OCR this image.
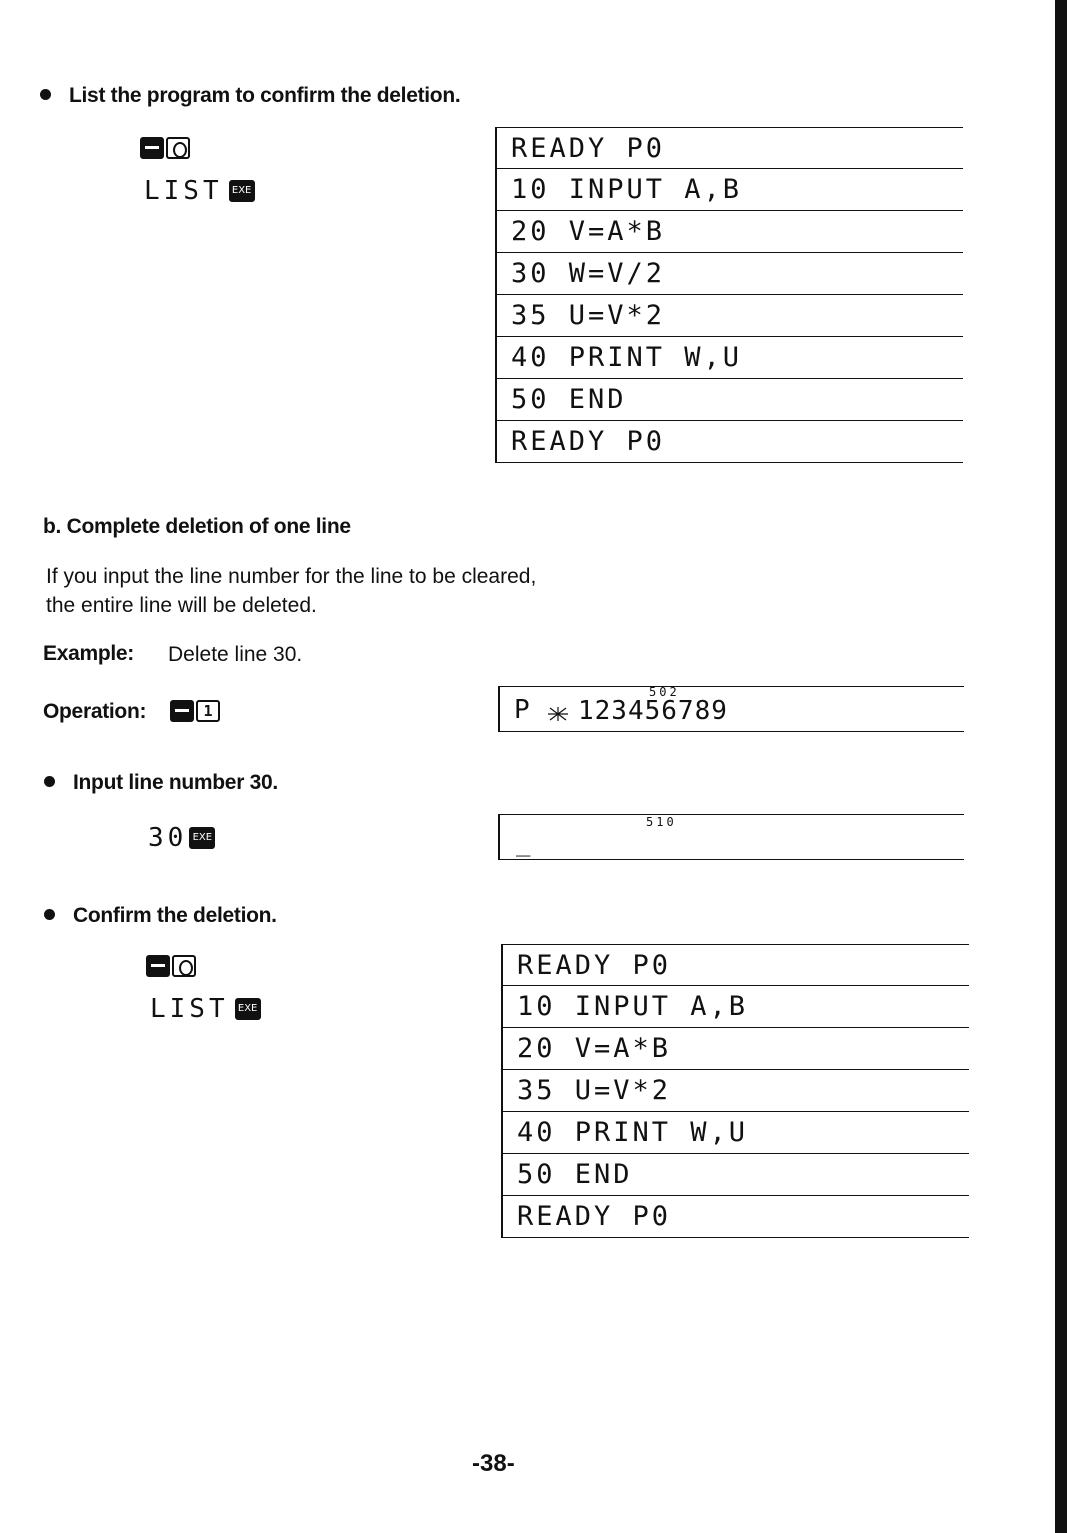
List the program to confirm the deletion.
LIST EXE
READY P0
10 INPUT A,B
20 V=A*B
30 W=V/2
35 U=V*2
40 PRINT W,U
50 END
READY P0
b. Complete deletion of one line
If you input the line number for the line to be cleared,
the entire line will be deleted.
Example: Delete line 30.
Operation:	1	P 123456789
502
Input line number 30.
30 EXE
510
_
Confirm the deletion.
LIST EXE
READY P0
10 INPUT A,B
20 V=A*B
35 U=V*2
40 PRINT W,U
50 END
READY P0
-38-
